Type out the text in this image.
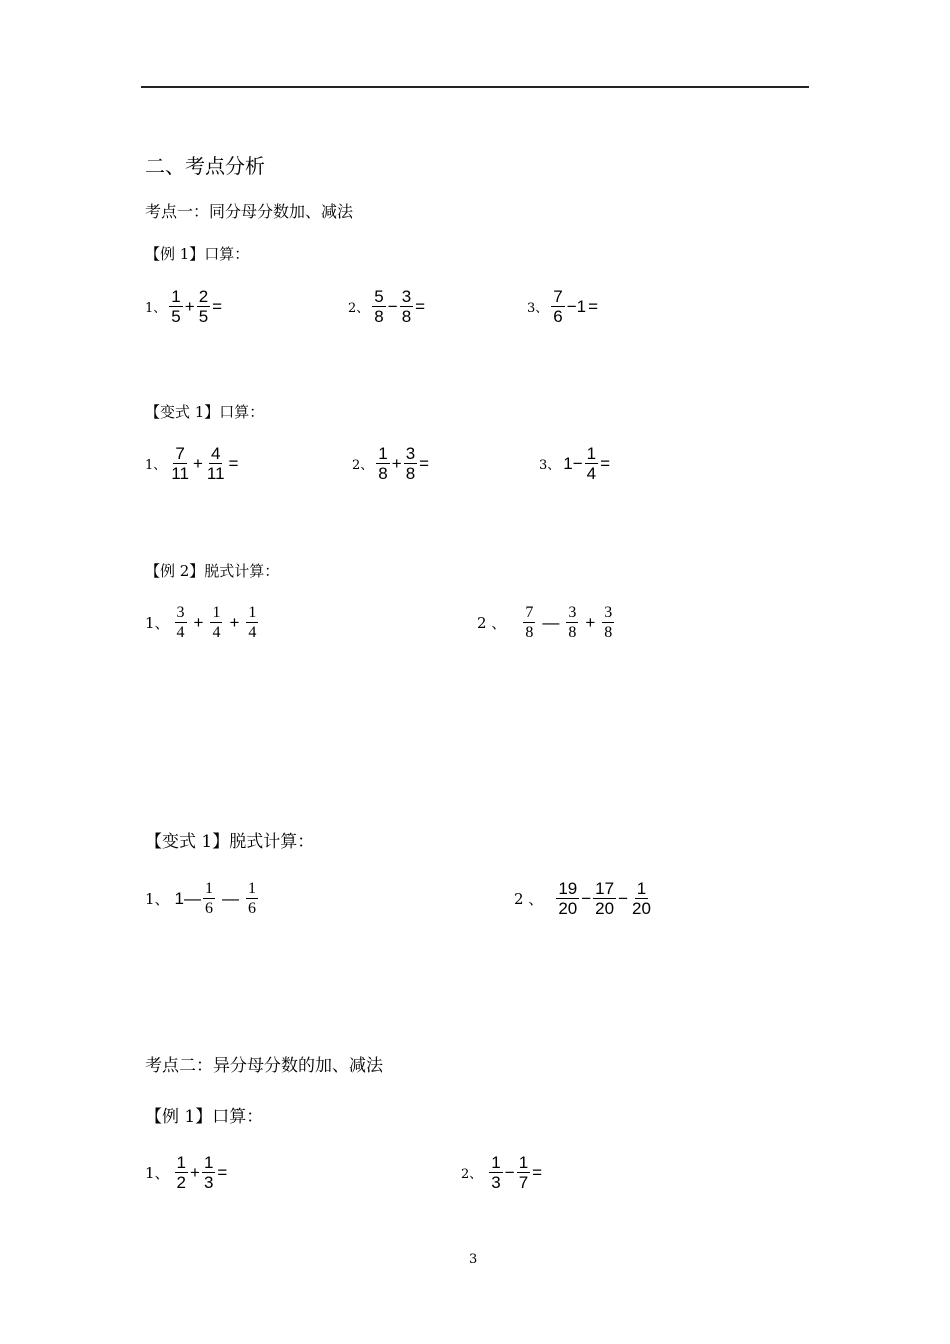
二、考点分析
考点一：同分母分数加、减法
【例 1】口算：
1、 $\frac{1}{5} + \frac{2}{5}$ =	2、 $\frac{5}{8} - \frac{3}{8}$ =	3、 $\frac{7}{6} -1$ =
【变式 1】口算：
1、 $\frac{7}{11} + \frac{4}{11}$ =	2、 $\frac{1}{8} + \frac{3}{8}$ =	3、 $1- \frac{1}{4}$ =
【例 2】脱式计算：
1、 $\frac{3}{4} + \frac{1}{4} + \frac{1}{4}$	2 、 $\frac{7}{8}$ — $\frac{3}{8} + \frac{3}{8}$
【变式 1】脱式计算：
1、 1— $\frac{1}{6}$ — $\frac{1}{6}$	2 、 $\frac{19}{20} - \frac{17}{20} - \frac{1}{20}$
考点二：异分母分数的加、减法
【例 1】口算：
1、 $\frac{1}{2} + \frac{1}{3}$ =	2、 $\frac{1}{3} - \frac{1}{7}$ =
3
